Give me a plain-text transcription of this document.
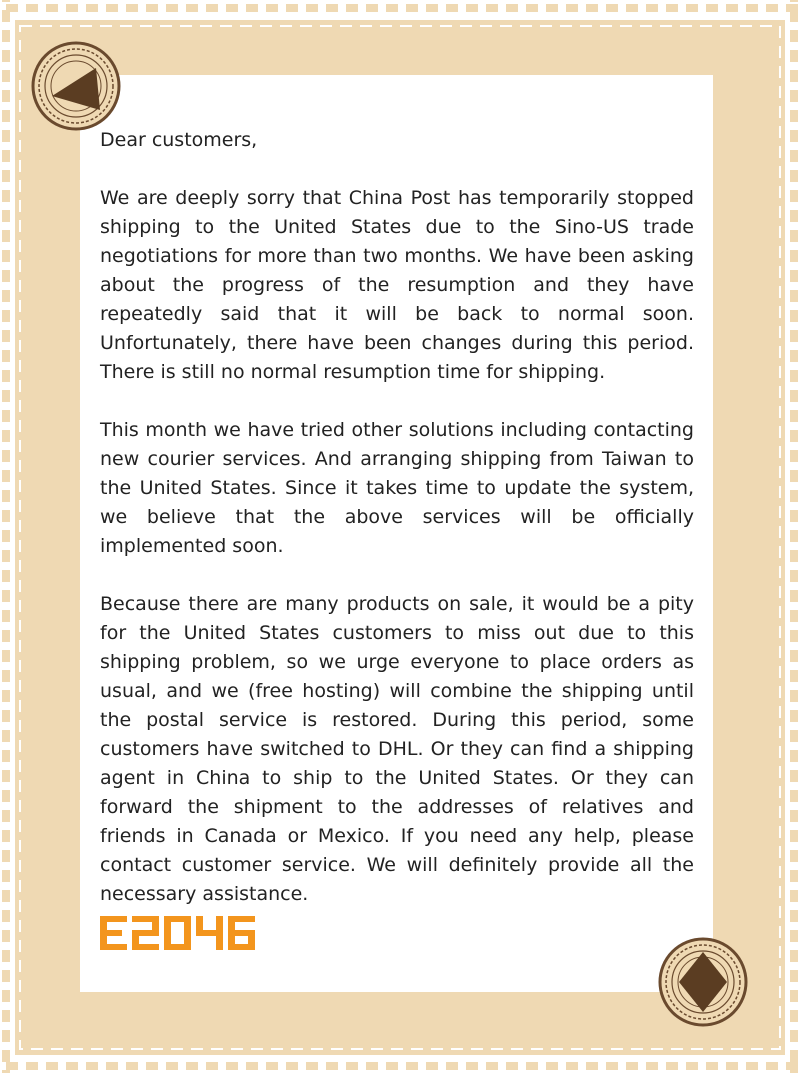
Dear customers,

We are deeply sorry that China Post has temporarily stopped shipping to the United States due to the Sino-US trade negotiations for more than two months. We have been asking about the progress of the resumption and they have repeatedly said that it will be back to normal soon. Unfortunately, there have been changes during this period. There is still no normal resumption time for shipping.

This month we have tried other solutions including contacting new courier services. And arranging shipping from Taiwan to the United States. Since it takes time to update the system, we believe that the above services will be officially implemented soon.

Because there are many products on sale, it would be a pity for the United States customers to miss out due to this shipping problem, so we urge everyone to place orders as usual, and we (free hosting) will combine the shipping until the postal service is restored. During this period, some customers have switched to DHL. Or they can find a shipping agent in China to ship to the United States. Or they can forward the shipment to the addresses of relatives and friends in Canada or Mexico. If you need any help, please contact customer service. We will definitely provide all the necessary assistance.
